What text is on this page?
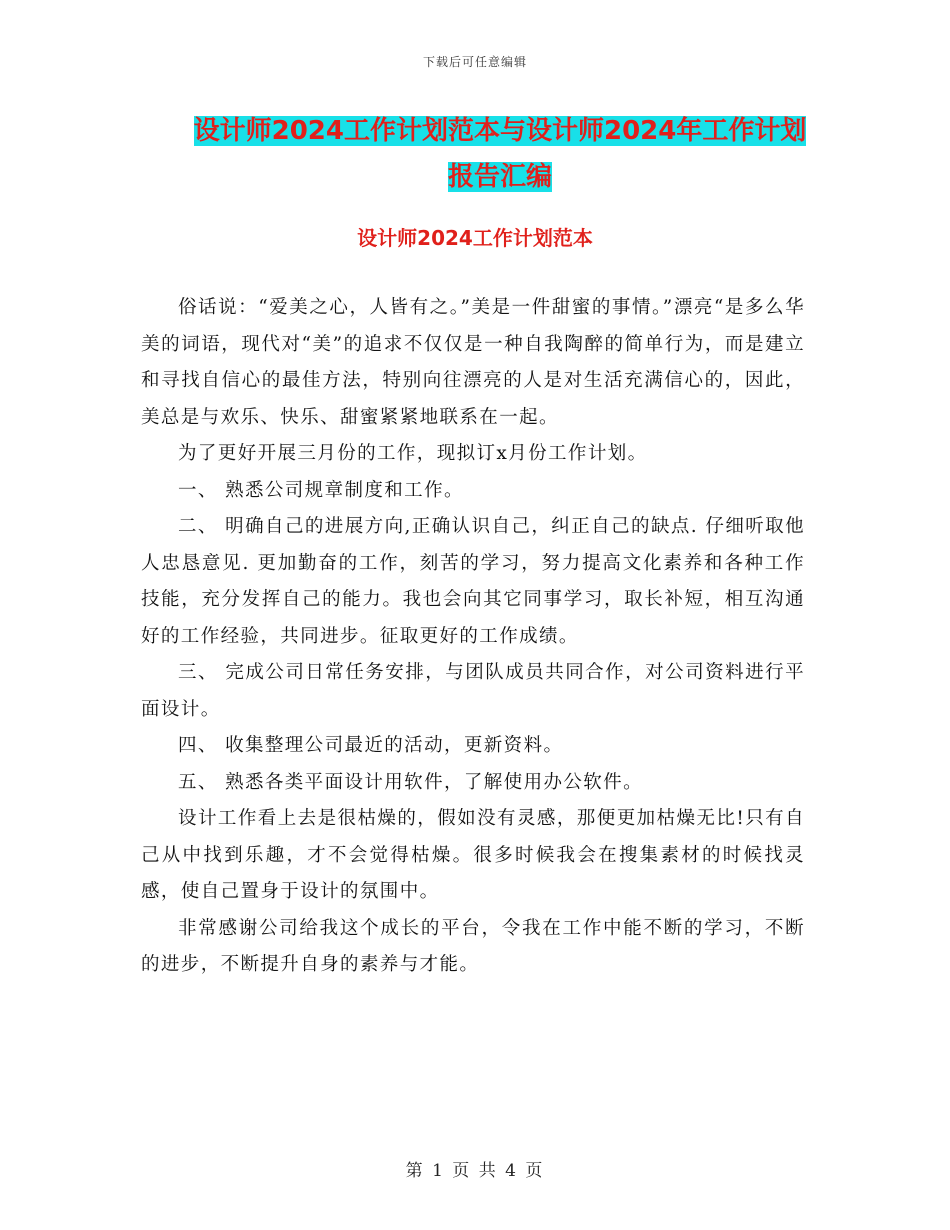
下载后可任意编辑
设计师2024工作计划范本与设计师2024年工作计划
报告汇编
设计师2024工作计划范本

俗话说：“爱美之心，人皆有之。”美是一件甜蜜的事情。”漂亮“是多么华美的词语，现代对“美”的追求不仅仅是一种自我陶醉的简单行为，而是建立和寻找自信心的最佳方法，特别向往漂亮的人是对生活充满信心的，因此，美总是与欢乐、快乐、甜蜜紧紧地联系在一起。

为了更好开展三月份的工作，现拟订x月份工作计划。

一、 熟悉公司规章制度和工作。

二、 明确自己的进展方向,正确认识自己，纠正自己的缺点. 仔细听取他人忠恳意见. 更加勤奋的工作，刻苦的学习，努力提高文化素养和各种工作技能，充分发挥自己的能力。我也会向其它同事学习，取长补短，相互沟通好的工作经验，共同进步。征取更好的工作成绩。

三、 完成公司日常任务安排，与团队成员共同合作，对公司资料进行平面设计。

四、 收集整理公司最近的活动，更新资料。

五、 熟悉各类平面设计用软件，了解使用办公软件。

设计工作看上去是很枯燥的，假如没有灵感，那便更加枯燥无比!只有自己从中找到乐趣，才不会觉得枯燥。很多时候我会在搜集素材的时候找灵感，使自己置身于设计的氛围中。

非常感谢公司给我这个成长的平台，令我在工作中能不断的学习，不断的进步，不断提升自身的素养与才能。

第 1 页 共 4 页
